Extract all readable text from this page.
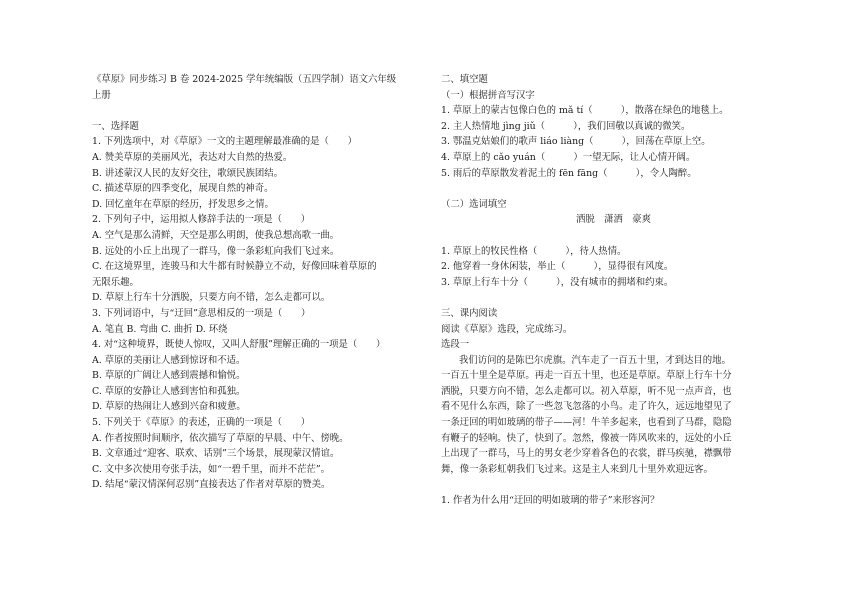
《草原》同步练习 B 卷 2024-2025 学年统编版（五四学制）语文六年级
上册
一、选择题
1. 下列选项中，对《草原》一文的主题理解最准确的是（　　）
A. 赞美草原的美丽风光，表达对大自然的热爱。
B. 讲述蒙汉人民的友好交往，歌颂民族团结。
C. 描述草原的四季变化，展现自然的神奇。
D. 回忆童年在草原的经历，抒发思乡之情。
2. 下列句子中，运用拟人修辞手法的一项是（　　）
A. 空气是那么清鲜，天空是那么明朗，使我总想高歌一曲。
B. 远处的小丘上出现了一群马，像一条彩虹向我们飞过来。
C. 在这境界里，连骏马和大牛都有时候静立不动，好像回味着草原的
无限乐趣。
D. 草原上行车十分洒脱，只要方向不错，怎么走都可以。
3. 下列词语中，与“迂回”意思相反的一项是（　　）
A. 笔直 B. 弯曲 C. 曲折 D. 环绕
4. 对“这种境界，既使人惊叹，又叫人舒服”理解正确的一项是（　　）
A. 草原的美丽让人感到惊讶和不适。
B. 草原的广阔让人感到震撼和愉悦。
C. 草原的安静让人感到害怕和孤独。
D. 草原的热闹让人感到兴奋和疲惫。
5. 下列关于《草原》的表述，正确的一项是（　　）
A. 作者按照时间顺序，依次描写了草原的早晨、中午、傍晚。
B. 文章通过“迎客、联欢、话别”三个场景，展现蒙汉情谊。
C. 文中多次使用夸张手法，如“一碧千里，而并不茫茫”。
D. 结尾“蒙汉情深何忍别”直接表达了作者对草原的赞美。
二、填空题
（一）根据拼音写汉字
1. 草原上的蒙古包像白色的 mǎ tí（　　　），散落在绿色的地毯上。
2. 主人热情地 jìng jiǔ（　　　），我们回敬以真诚的微笑。
3. 鄂温克姑娘们的歌声 liáo liàng（　　　），回荡在草原上空。
4. 草原上的 cǎo yuán（　　　）一望无际，让人心情开阔。
5. 雨后的草原散发着泥土的 fēn fāng（　　　），令人陶醉。
（二）选词填空
洒脱　潇洒　豪爽
1. 草原上的牧民性格（　　　），待人热情。
2. 他穿着一身休闲装，举止（　　　），显得很有风度。
3. 草原上行车十分（　　　），没有城市的拥堵和约束。
三、课内阅读
阅读《草原》选段，完成练习。
选段一
我们访问的是陈巴尔虎旗。汽车走了一百五十里，才到达目的地。
一百五十里全是草原。再走一百五十里，也还是草原。草原上行车十分
洒脱，只要方向不错，怎么走都可以。初入草原，听不见一点声音，也
看不见什么东西，除了一些忽飞忽落的小鸟。走了许久，远远地望见了
一条迂回的明如玻璃的带子——河！牛羊多起来，也看到了马群，隐隐
有鞭子的轻响。快了，快到了。忽然，像被一阵风吹来的，远处的小丘
上出现了一群马，马上的男女老少穿着各色的衣裳，群马疾驰，襟飘带
舞，像一条彩虹朝我们飞过来。这是主人来到几十里外欢迎远客。
1. 作者为什么用“迂回的明如玻璃的带子”来形容河？
